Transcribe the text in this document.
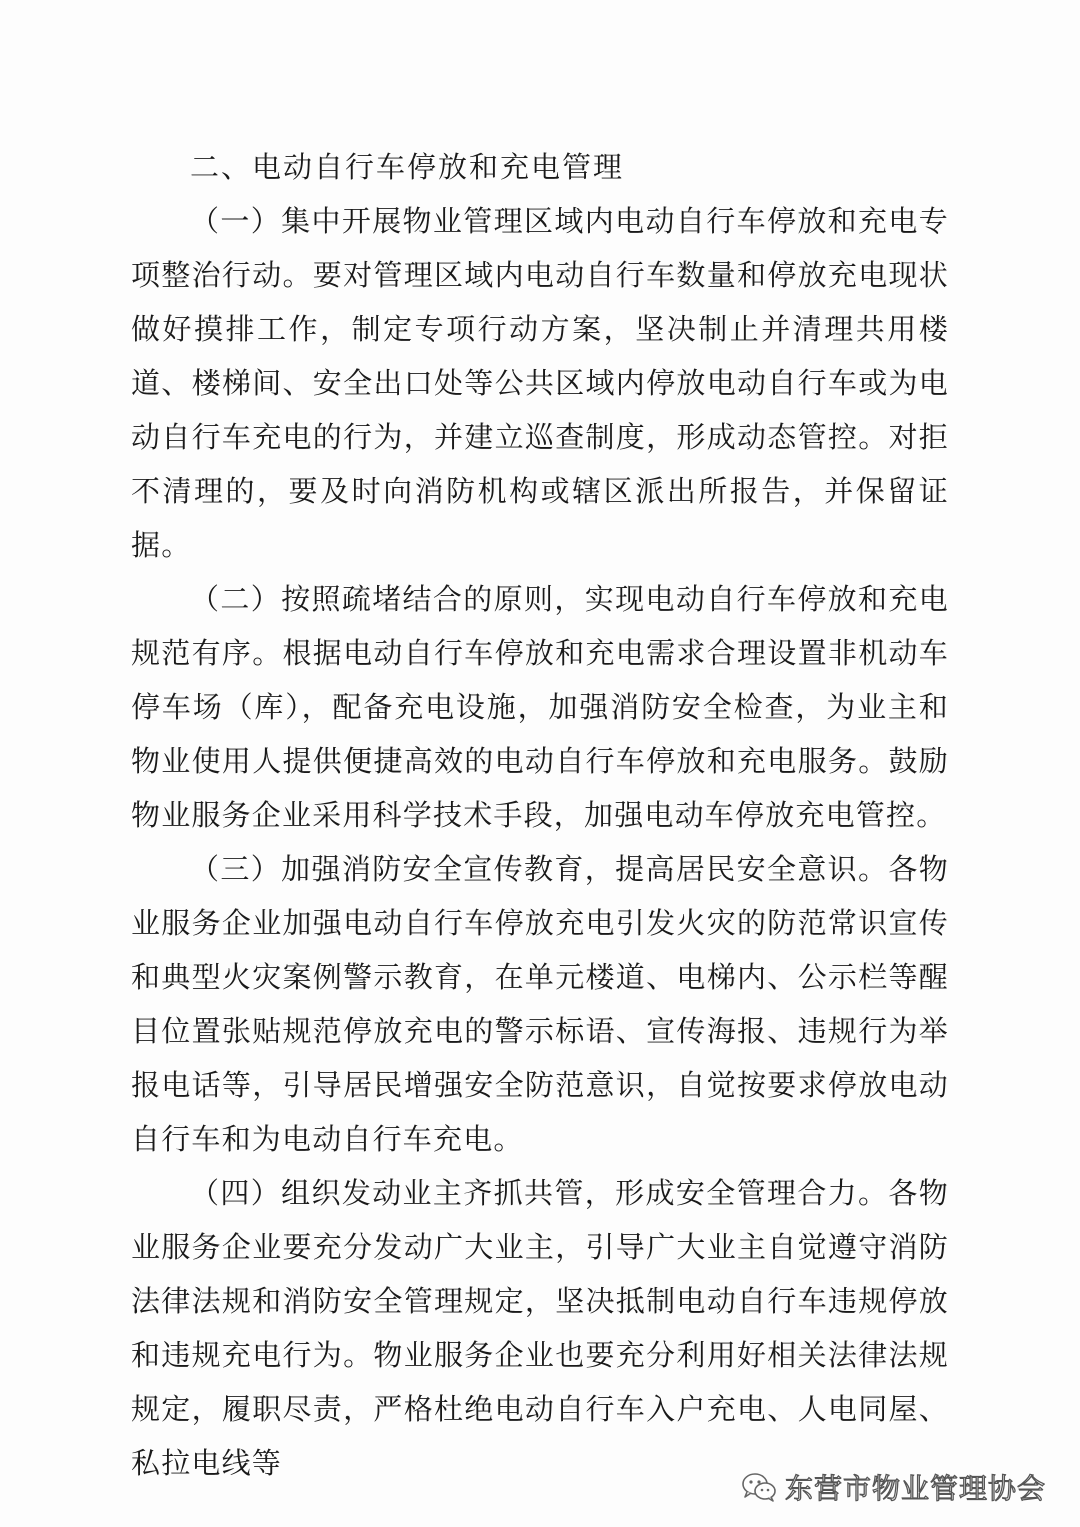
二、电动自行车停放和充电管理

（一）集中开展物业管理区域内电动自行车停放和充电专项整治行动。要对管理区域内电动自行车数量和停放充电现状做好摸排工作，制定专项行动方案，坚决制止并清理共用楼道、楼梯间、安全出口处等公共区域内停放电动自行车或为电动自行车充电的行为，并建立巡查制度，形成动态管控。对拒不清理的，要及时向消防机构或辖区派出所报告，并保留证据。

（二）按照疏堵结合的原则，实现电动自行车停放和充电规范有序。根据电动自行车停放和充电需求合理设置非机动车停车场（库），配备充电设施，加强消防安全检查，为业主和物业使用人提供便捷高效的电动自行车停放和充电服务。鼓励物业服务企业采用科学技术手段，加强电动车停放充电管控。

（三）加强消防安全宣传教育，提高居民安全意识。各物业服务企业加强电动自行车停放充电引发火灾的防范常识宣传和典型火灾案例警示教育，在单元楼道、电梯内、公示栏等醒目位置张贴规范停放充电的警示标语、宣传海报、违规行为举报电话等，引导居民增强安全防范意识，自觉按要求停放电动自行车和为电动自行车充电。

（四）组织发动业主齐抓共管，形成安全管理合力。各物业服务企业要充分发动广大业主，引导广大业主自觉遵守消防法律法规和消防安全管理规定，坚决抵制电动自行车违规停放和违规充电行为。物业服务企业也要充分利用好相关法律法规规定，履职尽责，严格杜绝电动自行车入户充电、人电同屋、私拉电线等

东营市物业管理协会
